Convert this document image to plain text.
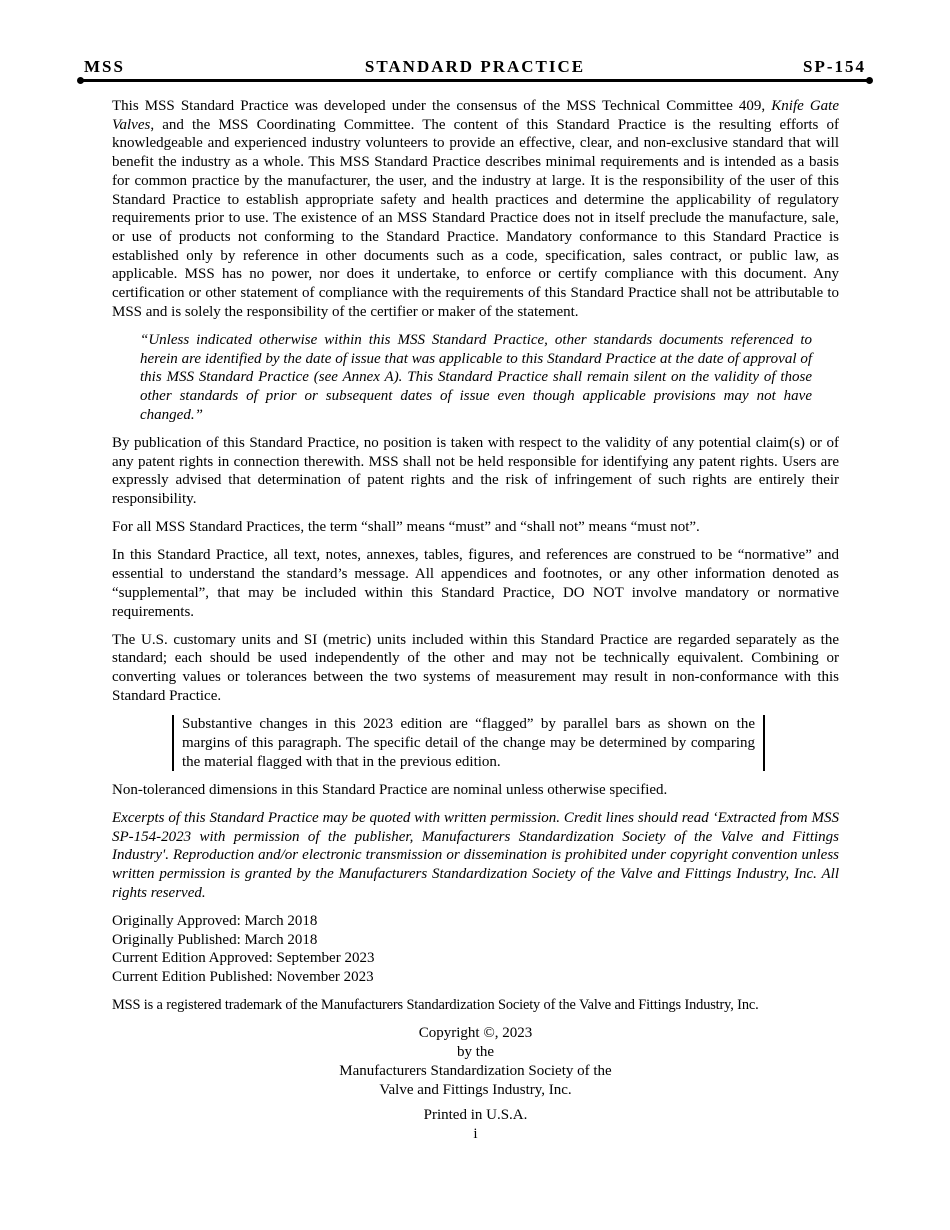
MSS	STANDARD PRACTICE	SP-154

This MSS Standard Practice was developed under the consensus of the MSS Technical Committee 409, Knife Gate Valves, and the MSS Coordinating Committee. The content of this Standard Practice is the resulting efforts of knowledgeable and experienced industry volunteers to provide an effective, clear, and non-exclusive standard that will benefit the industry as a whole. This MSS Standard Practice describes minimal requirements and is intended as a basis for common practice by the manufacturer, the user, and the industry at large. It is the responsibility of the user of this Standard Practice to establish appropriate safety and health practices and determine the applicability of regulatory requirements prior to use. The existence of an MSS Standard Practice does not in itself preclude the manufacture, sale, or use of products not conforming to the Standard Practice. Mandatory conformance to this Standard Practice is established only by reference in other documents such as a code, specification, sales contract, or public law, as applicable. MSS has no power, nor does it undertake, to enforce or certify compliance with this document. Any certification or other statement of compliance with the requirements of this Standard Practice shall not be attributable to MSS and is solely the responsibility of the certifier or maker of the statement.

“Unless indicated otherwise within this MSS Standard Practice, other standards documents referenced to herein are identified by the date of issue that was applicable to this Standard Practice at the date of approval of this MSS Standard Practice (see Annex A). This Standard Practice shall remain silent on the validity of those other standards of prior or subsequent dates of issue even though applicable provisions may not have changed.”

By publication of this Standard Practice, no position is taken with respect to the validity of any potential claim(s) or of any patent rights in connection therewith. MSS shall not be held responsible for identifying any patent rights. Users are expressly advised that determination of patent rights and the risk of infringement of such rights are entirely their responsibility.

For all MSS Standard Practices, the term “shall” means “must” and “shall not” means “must not”.

In this Standard Practice, all text, notes, annexes, tables, figures, and references are construed to be “normative” and essential to understand the standard’s message. All appendices and footnotes, or any other information denoted as “supplemental”, that may be included within this Standard Practice, DO NOT involve mandatory or normative requirements.

The U.S. customary units and SI (metric) units included within this Standard Practice are regarded separately as the standard; each should be used independently of the other and may not be technically equivalent. Combining or converting values or tolerances between the two systems of measurement may result in non-conformance with this Standard Practice.

Substantive changes in this 2023 edition are “flagged” by parallel bars as shown on the margins of this paragraph. The specific detail of the change may be determined by comparing the material flagged with that in the previous edition.

Non-toleranced dimensions in this Standard Practice are nominal unless otherwise specified.

Excerpts of this Standard Practice may be quoted with written permission. Credit lines should read ‘Extracted from MSS SP-154-2023 with permission of the publisher, Manufacturers Standardization Society of the Valve and Fittings Industry'. Reproduction and/or electronic transmission or dissemination is prohibited under copyright convention unless written permission is granted by the Manufacturers Standardization Society of the Valve and Fittings Industry, Inc. All rights reserved.

Originally Approved: March 2018
Originally Published: March 2018
Current Edition Approved: September 2023
Current Edition Published: November 2023

MSS is a registered trademark of the Manufacturers Standardization Society of the Valve and Fittings Industry, Inc.

Copyright ©, 2023
by the
Manufacturers Standardization Society of the
Valve and Fittings Industry, Inc.
Printed in U.S.A.
i
